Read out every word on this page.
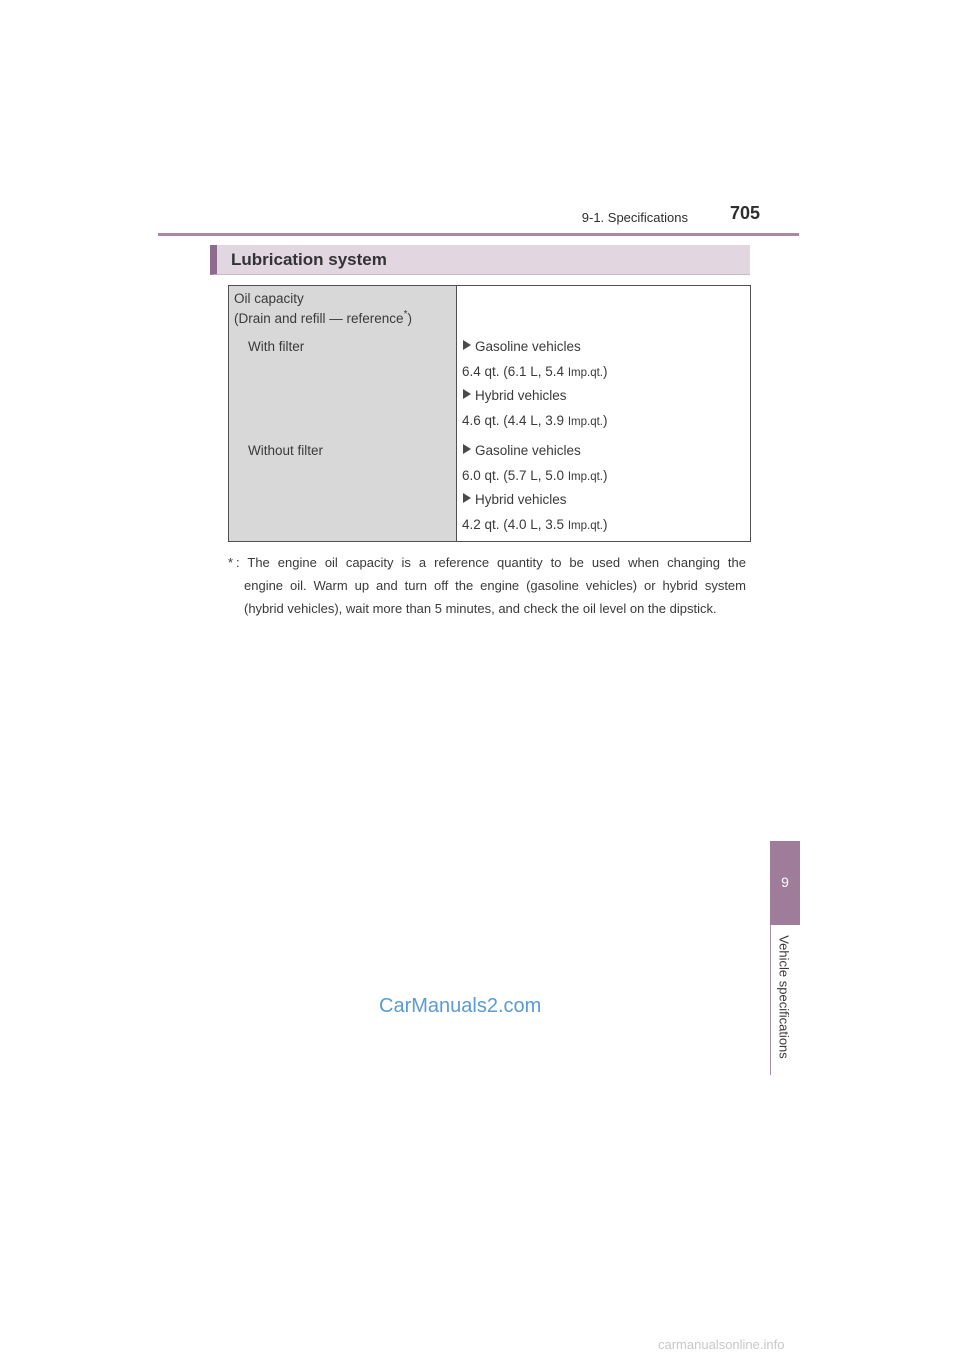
9-1. Specifications	705
Lubrication system
Oil capacity
(Drain and refill — reference*)
With filter
Without filter
Gasoline vehicles
6.4 qt. (6.1 L, 5.4 Imp.qt.)
Hybrid vehicles
4.6 qt. (4.4 L, 3.9 Imp.qt.)
Gasoline vehicles
6.0 qt. (5.7 L, 5.0 Imp.qt.)
Hybrid vehicles
4.2 qt. (4.0 L, 3.5 Imp.qt.)
* : The engine oil capacity is a reference quantity to be used when changing the
engine oil. Warm up and turn off the engine (gasoline vehicles) or hybrid system
(hybrid vehicles), wait more than 5 minutes, and check the oil level on the dipstick.
9
Vehicle specifications
CarManuals2.com
carmanualsonline.info
